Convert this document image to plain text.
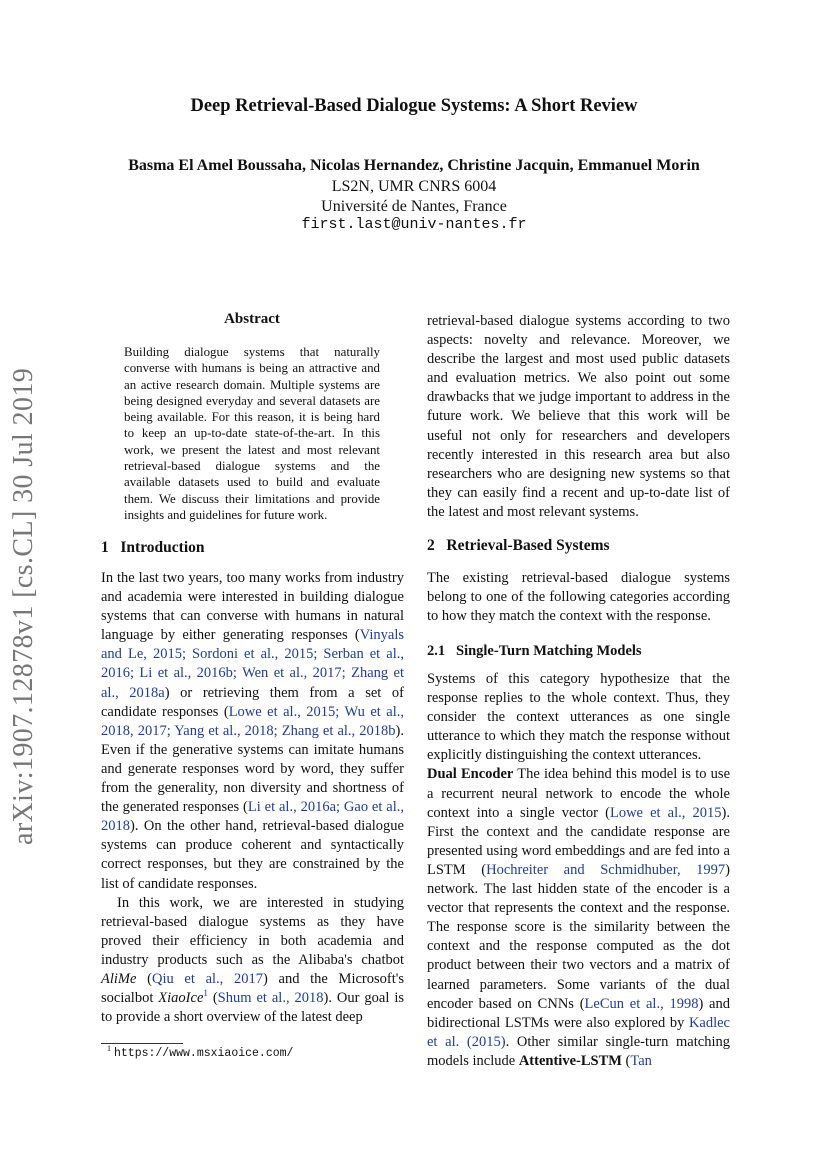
arXiv:1907.12878v1 [cs.CL] 30 Jul 2019
Deep Retrieval-Based Dialogue Systems: A Short Review
Basma El Amel Boussaha, Nicolas Hernandez, Christine Jacquin, Emmanuel Morin
LS2N, UMR CNRS 6004
Université de Nantes, France
first.last@univ-nantes.fr
Abstract
Building dialogue systems that naturally converse with humans is being an attractive and an active research domain. Multiple systems are being designed everyday and several datasets are being available. For this reason, it is being hard to keep an up-to-date state-of-the-art. In this work, we present the latest and most relevant retrieval-based dialogue systems and the available datasets used to build and evaluate them. We discuss their limitations and provide insights and guidelines for future work.
1   Introduction

In the last two years, too many works from industry and academia were interested in building dialogue systems that can converse with humans in natural language by either generating responses (Vinyals and Le, 2015; Sordoni et al., 2015; Serban et al., 2016; Li et al., 2016b; Wen et al., 2017; Zhang et al., 2018a) or retrieving them from a set of candidate responses (Lowe et al., 2015; Wu et al., 2018, 2017; Yang et al., 2018; Zhang et al., 2018b). Even if the generative systems can imitate humans and generate responses word by word, they suffer from the generality, non diversity and shortness of the generated responses (Li et al., 2016a; Gao et al., 2018). On the other hand, retrieval-based dialogue systems can produce coherent and syntactically correct responses, but they are constrained by the list of candidate responses.

In this work, we are interested in studying retrieval-based dialogue systems as they have proved their efficiency in both academia and industry products such as the Alibaba's chatbot AliMe (Qiu et al., 2017) and the Microsoft's socialbot XiaoIce$^1$ (Shum et al., 2018). Our goal is to provide a short overview of the latest deep

1 https://www.msxiaoice.com/

retrieval-based dialogue systems according to two aspects: novelty and relevance. Moreover, we describe the largest and most used public datasets and evaluation metrics. We also point out some drawbacks that we judge important to address in the future work. We believe that this work will be useful not only for researchers and developers recently interested in this research area but also researchers who are designing new systems so that they can easily find a recent and up-to-date list of the latest and most relevant systems.

2   Retrieval-Based Systems

The existing retrieval-based dialogue systems belong to one of the following categories according to how they match the context with the response.

2.1   Single-Turn Matching Models

Systems of this category hypothesize that the response replies to the whole context. Thus, they consider the context utterances as one single utterance to which they match the response without explicitly distinguishing the context utterances.

Dual Encoder The idea behind this model is to use a recurrent neural network to encode the whole context into a single vector (Lowe et al., 2015). First the context and the candidate response are presented using word embeddings and are fed into a LSTM (Hochreiter and Schmidhuber, 1997) network. The last hidden state of the encoder is a vector that represents the context and the response. The response score is the similarity between the context and the response computed as the dot product between their two vectors and a matrix of learned parameters. Some variants of the dual encoder based on CNNs (LeCun et al., 1998) and bidirectional LSTMs were also explored by Kadlec et al. (2015). Other similar single-turn matching models include Attentive-LSTM (Tan
